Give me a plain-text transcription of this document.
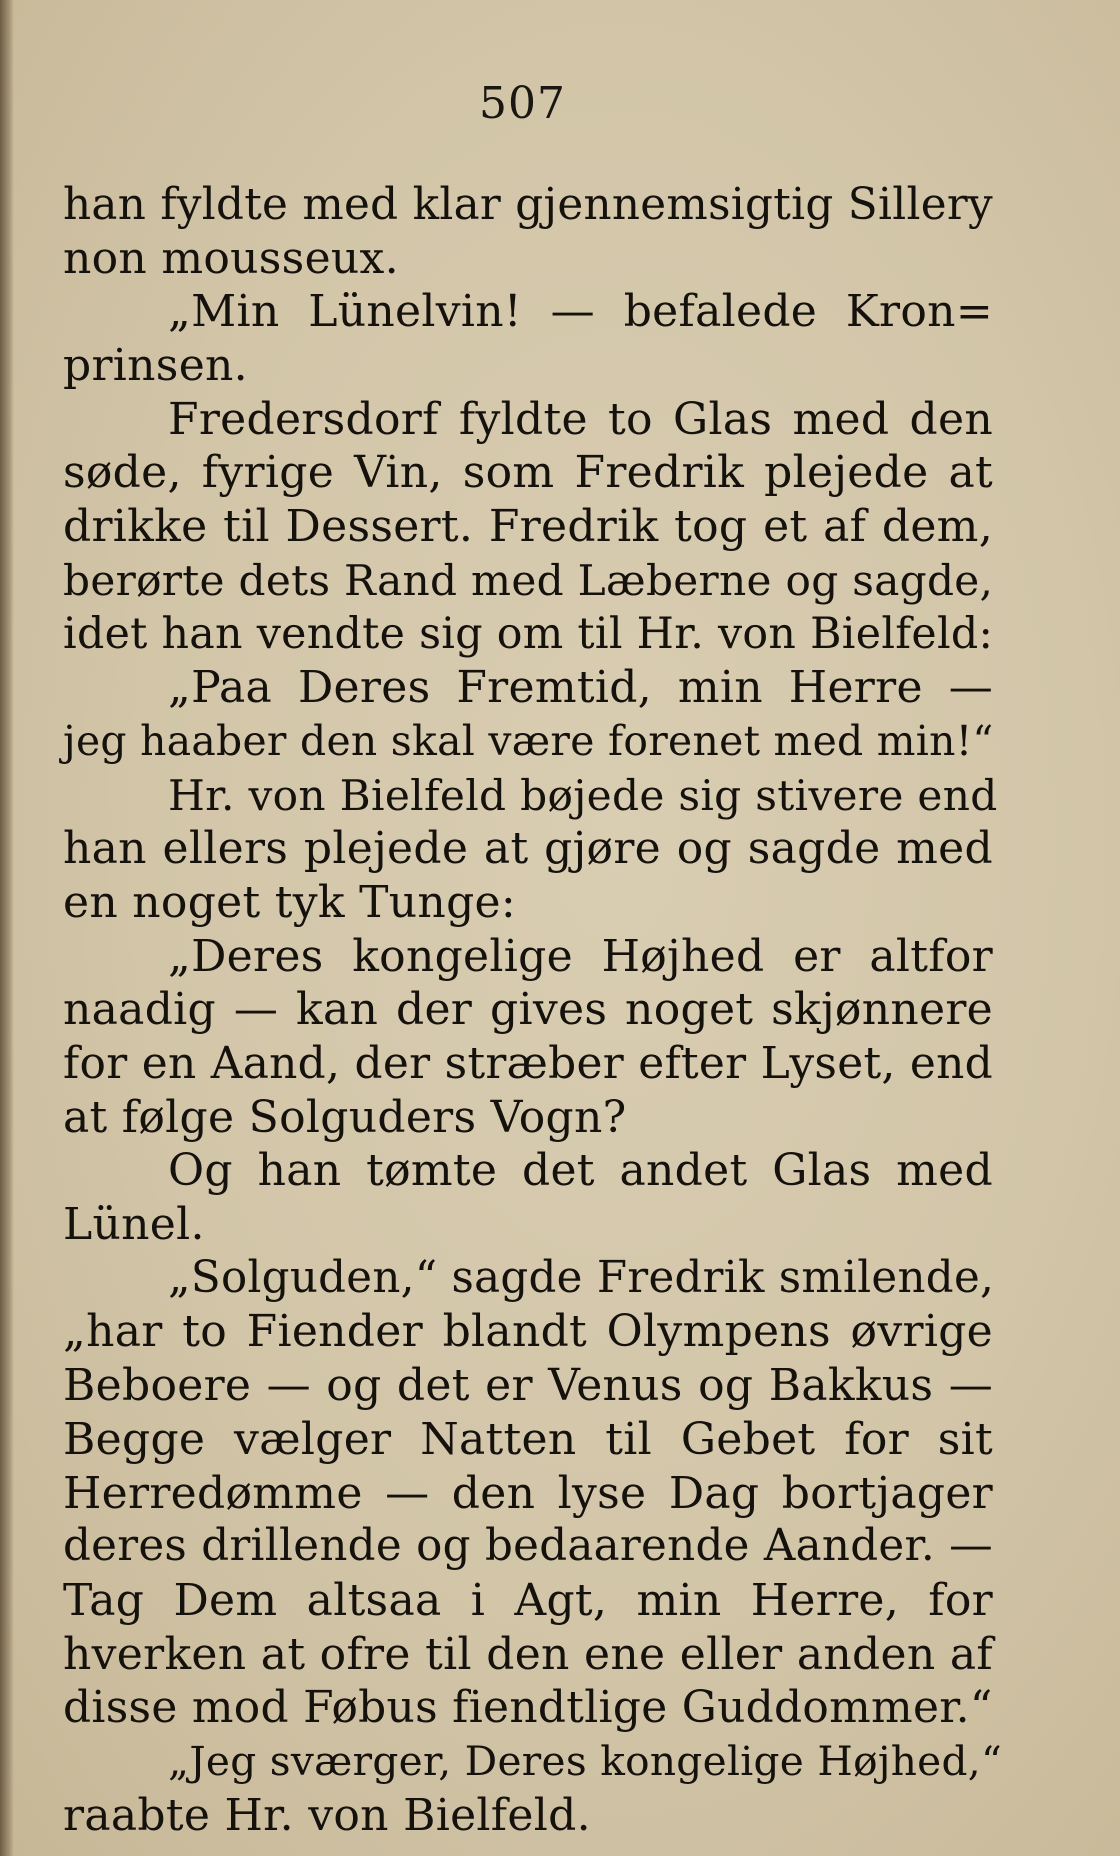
507
han fyldte med klar gjennemsigtig Sillery
non mousseux.
„Min Lünelvin! — befalede Kron=
prinsen.
Fredersdorf fyldte to Glas med den
søde, fyrige Vin, som Fredrik plejede at
drikke til Dessert. Fredrik tog et af dem,
berørte dets Rand med Læberne og sagde,
idet han vendte sig om til Hr. von Bielfeld:
„Paa Deres Fremtid, min Herre —
jeg haaber den skal være forenet med min!“
Hr. von Bielfeld bøjede sig stivere end
han ellers plejede at gjøre og sagde med
en noget tyk Tunge:
„Deres kongelige Højhed er altfor
naadig — kan der gives noget skjønnere
for en Aand, der stræber efter Lyset, end
at følge Solguders Vogn?
Og han tømte det andet Glas med
Lünel.
„Solguden,“ sagde Fredrik smilende,
„har to Fiender blandt Olympens øvrige
Beboere — og det er Venus og Bakkus —
Begge vælger Natten til Gebet for sit
Herredømme — den lyse Dag bortjager
deres drillende og bedaarende Aander. —
Tag Dem altsaa i Agt, min Herre, for
hverken at ofre til den ene eller anden af
disse mod Føbus fiendtlige Guddommer.“
„Jeg sværger, Deres kongelige Højhed,“
raabte Hr. von Bielfeld.
